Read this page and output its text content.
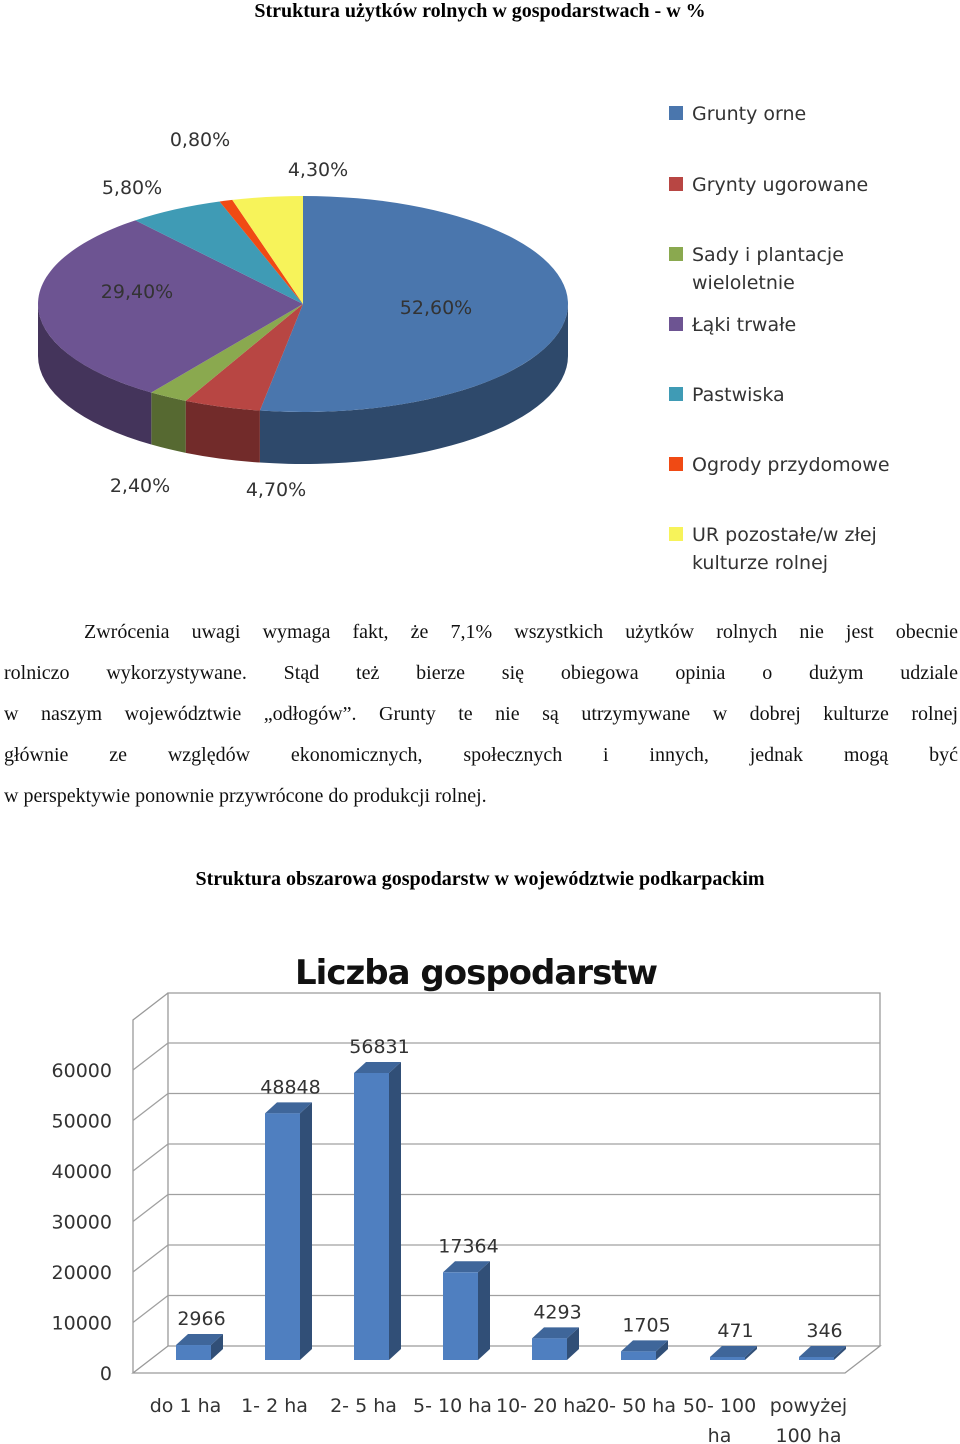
Struktura użytków rolnych w gospodarstwach - w %
52,60%
4,70%
2,40%
29,40%
5,80%
0,80%
4,30%
Grunty orne
Grynty ugorowane
Sady i plantacje
wieloletnie
Łąki trwałe
Pastwiska
Ogrody przydomowe
UR pozostałe/w złej
kulturze rolnej

Zwrócenia uwagi wymaga fakt, że 7,1% wszystkich użytków rolnych nie jest obecnie
rolniczo wykorzystywane. Stąd też bierze się obiegowa opinia o dużym udziale
w naszym województwie „odłogów”. Grunty te nie są utrzymywane w dobrej kulturze rolnej
głównie ze względów ekonomicznych, społecznych i innych, jednak mogą być
w perspektywie ponownie przywrócone do produkcji rolnej.

Struktura obszarowa gospodarstw w województwie podkarpackim
Liczba gospodarstw
0
10000
20000
30000
40000
50000
60000
2966
do 1 ha
48848
1- 2 ha
56831
2- 5 ha
17364
5- 10 ha
4293
10- 20 ha
1705
20- 50 ha
471
50- 100
ha
346
powyżej
100 ha
